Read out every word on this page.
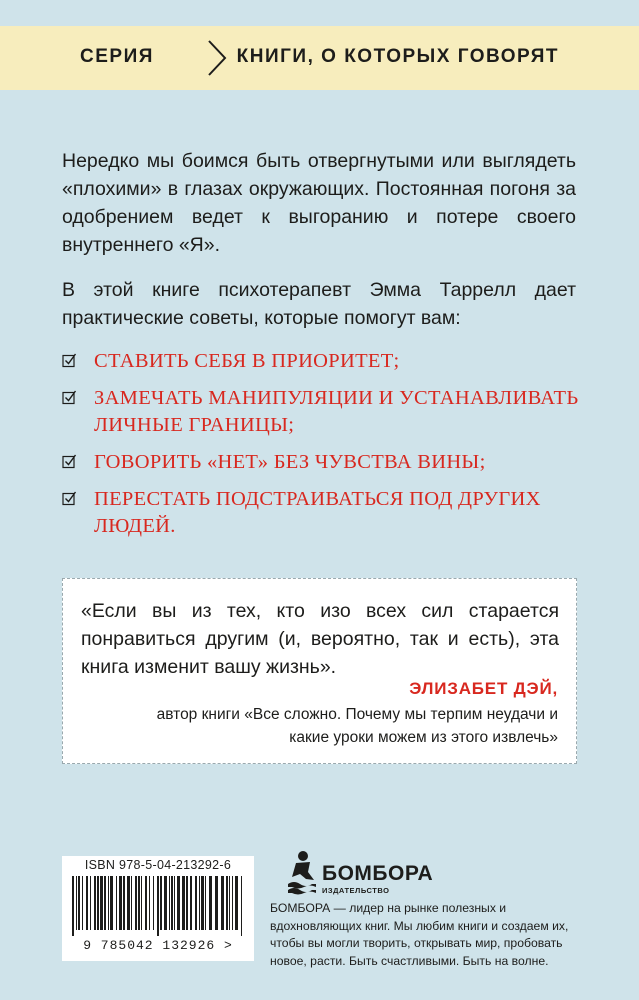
СЕРИЯ	КНИГИ, О КОТОРЫХ ГОВОРЯТ

Нередко мы боимся быть отвергнутыми или выглядеть «плохими» в глазах окружающих. Постоянная погоня за одобрением ведет к выгоранию и потере своего внутреннего «Я».

В этой книге психотерапевт Эмма Таррелл дает практические советы, которые помогут вам:

СТАВИТЬ СЕБЯ В ПРИОРИТЕТ;
ЗАМЕЧАТЬ МАНИПУЛЯЦИИ И УСТАНАВЛИВАТЬ ЛИЧНЫЕ ГРАНИЦЫ;
ГОВОРИТЬ «НЕТ» БЕЗ ЧУВСТВА ВИНЫ;
ПЕРЕСТАТЬ ПОДСТРАИВАТЬСЯ ПОД ДРУГИХ ЛЮДЕЙ.

«Если вы из тех, кто изо всех сил старается понравиться другим (и, вероятно, так и есть), эта книга изменит вашу жизнь».

ЭЛИЗАБЕТ ДЭЙ,
автор книги «Все сложно. Почему мы терпим неудачи и какие уроки можем из этого извлечь»
ISBN 978-5-04-213292-6
9 785042 132926 >
БОМБОРА
ИЗДАТЕЛЬСТВО

БОМБОРА — лидер на рынке полезных и вдохновляющих книг. Мы любим книги и создаем их, чтобы вы могли творить, открывать мир, пробовать новое, расти. Быть счастливыми. Быть на волне.
